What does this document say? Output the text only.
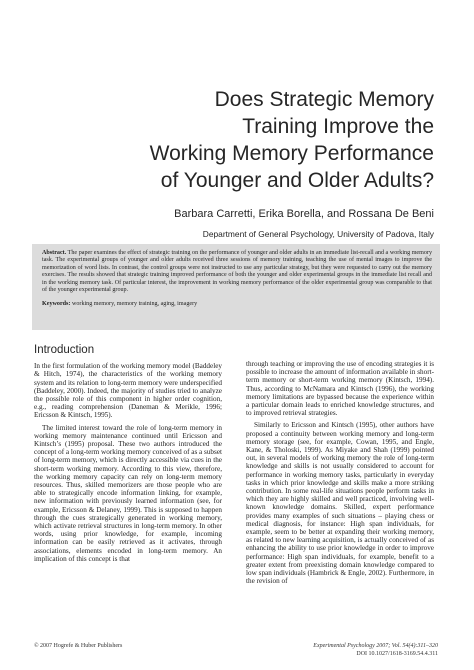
Does Strategic Memory
Training Improve the
Working Memory Performance
of Younger and Older Adults?
Barbara Carretti, Erika Borella, and Rossana De Beni
Department of General Psychology, University of Padova, Italy

Abstract. The paper examines the effect of strategic training on the performance of younger and older adults in an immediate list-recall and a working memory task. The experimental groups of younger and older adults received three sessions of memory training, teaching the use of mental images to improve the memorization of word lists. In contrast, the control groups were not instructed to use any particular strategy, but they were requested to carry out the memory exercises. The results showed that strategic training improved performance of both the younger and older experimental groups in the immediate list recall and in the working memory task. Of particular interest, the improvement in working memory performance of the older experimental group was comparable to that of the younger experimental group.

Keywords: working memory, memory training, aging, imagery

Introduction

In the first formulation of the working memory model (Baddeley & Hitch, 1974), the characteristics of the working memory system and its relation to long-term memory were underspecified (Baddeley, 2000). Indeed, the majority of studies tried to analyze the possible role of this component in higher order cognition, e.g., reading comprehension (Daneman & Merikle, 1996; Ericsson & Kintsch, 1995).

The limited interest toward the role of long-term memory in working memory maintenance continued until Ericsson and Kintsch’s (1995) proposal. These two authors introduced the concept of a long-term working memory conceived of as a subset of long-term memory, which is directly accessible via cues in the short-term working memory. According to this view, therefore, the working memory capacity can rely on long-term memory resources. Thus, skilled memorizers are those people who are able to strategically encode information linking, for example, new information with previously learned information (see, for example, Ericsson & Delaney, 1999). This is supposed to happen through the cues strategically generated in working memory, which activate retrieval structures in long-term memory. In other words, using prior knowledge, for example, incoming information can be easily retrieved as it activates, through associations, elements encoded in long-term memory. An implication of this concept is that

through teaching or improving the use of encoding strategies it is possible to increase the amount of information available in short-term memory or short-term working memory (Kintsch, 1994). Thus, according to McNamara and Kintsch (1996), the working memory limitations are bypassed because the experience within a particular domain leads to enriched knowledge structures, and to improved retrieval strategies.

Similarly to Ericsson and Kintsch (1995), other authors have proposed a continuity between working memory and long-term memory storage (see, for example, Cowan, 1995, and Engle, Kane, & Tholoski, 1999). As Miyake and Shah (1999) pointed out, in several models of working memory the role of long-term knowledge and skills is not usually considered to account for performance in working memory tasks, particularly in everyday tasks in which prior knowledge and skills make a more striking contribution. In some real-life situations people perform tasks in which they are highly skilled and well practiced, involving well-known knowledge domains. Skilled, expert performance provides many examples of such situations – playing chess or medical diagnosis, for instance: High span individuals, for example, seem to be better at expanding their working memory, as related to new learning acquisition, is actually conceived of as enhancing the ability to use prior knowledge in order to improve performance: High span individuals, for example, benefit to a greater extent from preexisting domain knowledge compared to low span individuals (Hambrick & Engle, 2002). Furthermore, in the revision of

© 2007 Hogrefe & Huber Publishers	Experimental Psychology 2007; Vol. 54(4):311–320
DOI 10.1027/1618-3169.54.4.311
